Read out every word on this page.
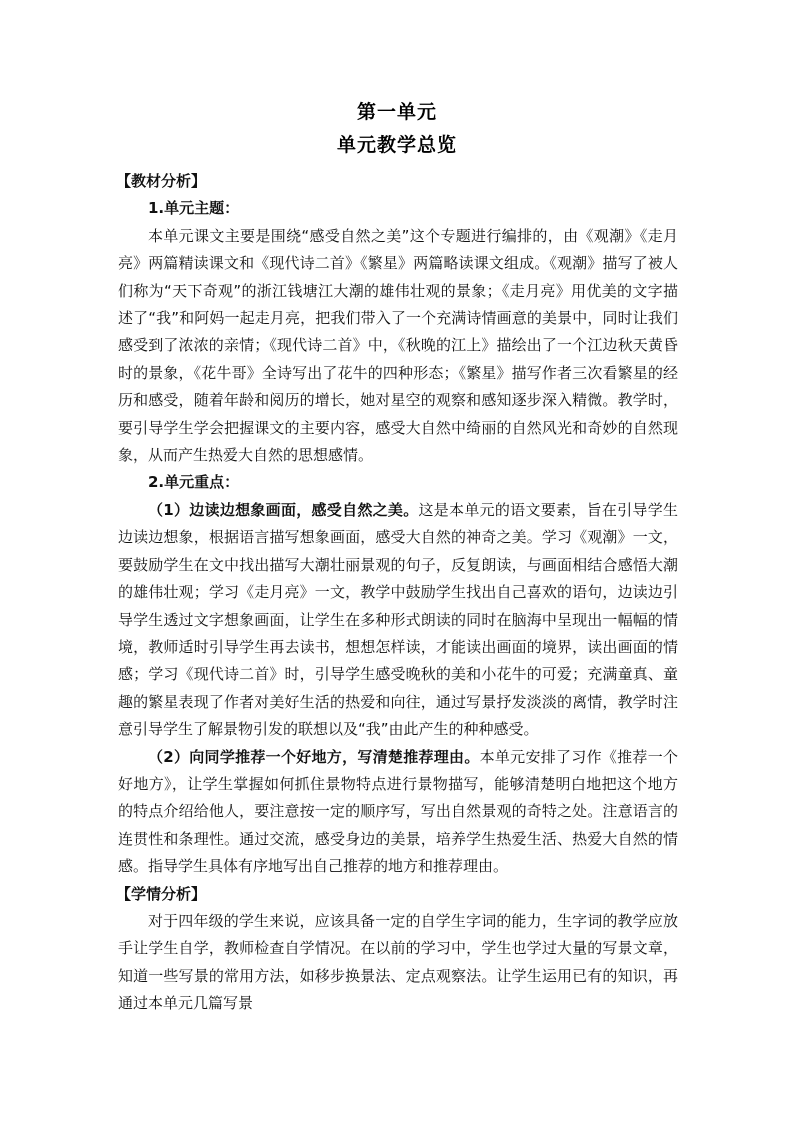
第一单元
单元教学总览

【教材分析】

1.单元主题：

本单元课文主要是围绕“感受自然之美”这个专题进行编排的，由《观潮》《走月亮》两篇精读课文和《现代诗二首》《繁星》两篇略读课文组成。《观潮》描写了被人们称为“天下奇观”的浙江钱塘江大潮的雄伟壮观的景象；《走月亮》用优美的文字描述了“我”和阿妈一起走月亮，把我们带入了一个充满诗情画意的美景中，同时让我们感受到了浓浓的亲情；《现代诗二首》中，《秋晚的江上》描绘出了一个江边秋天黄昏时的景象，《花牛哥》全诗写出了花牛的四种形态；《繁星》描写作者三次看繁星的经历和感受，随着年龄和阅历的增长，她对星空的观察和感知逐步深入精微。教学时，要引导学生学会把握课文的主要内容，感受大自然中绮丽的自然风光和奇妙的自然现象，从而产生热爱大自然的思想感情。

2.单元重点：

（1）边读边想象画面，感受自然之美。这是本单元的语文要素，旨在引导学生边读边想象，根据语言描写想象画面，感受大自然的神奇之美。学习《观潮》一文，要鼓励学生在文中找出描写大潮壮丽景观的句子，反复朗读，与画面相结合感悟大潮的雄伟壮观；学习《走月亮》一文，教学中鼓励学生找出自己喜欢的语句，边读边引导学生透过文字想象画面，让学生在多种形式朗读的同时在脑海中呈现出一幅幅的情境，教师适时引导学生再去读书，想想怎样读，才能读出画面的境界，读出画面的情感；学习《现代诗二首》时，引导学生感受晚秋的美和小花牛的可爱；充满童真、童趣的繁星表现了作者对美好生活的热爱和向往，通过写景抒发淡淡的离情，教学时注意引导学生了解景物引发的联想以及“我”由此产生的种种感受。

（2）向同学推荐一个好地方，写清楚推荐理由。本单元安排了习作《推荐一个好地方》，让学生掌握如何抓住景物特点进行景物描写，能够清楚明白地把这个地方的特点介绍给他人，要注意按一定的顺序写，写出自然景观的奇特之处。注意语言的连贯性和条理性。通过交流，感受身边的美景，培养学生热爱生活、热爱大自然的情感。指导学生具体有序地写出自己推荐的地方和推荐理由。

【学情分析】

对于四年级的学生来说，应该具备一定的自学生字词的能力，生字词的教学应放手让学生自学，教师检查自学情况。在以前的学习中，学生也学过大量的写景文章，知道一些写景的常用方法，如移步换景法、定点观察法。让学生运用已有的知识，再通过本单元几篇写景
